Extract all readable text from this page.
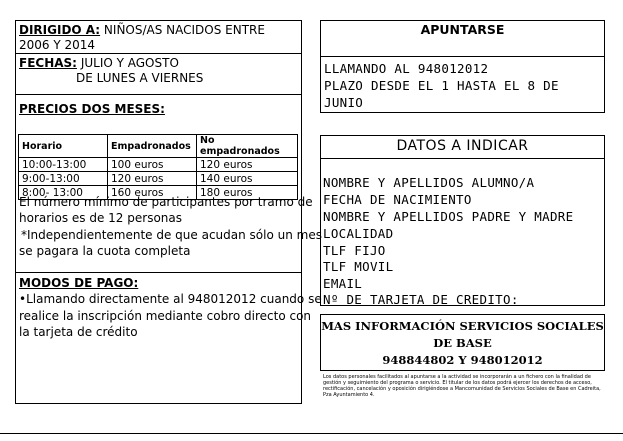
DIRIGIDO A: NIÑOS/AS NACIDOS ENTRE
2006 Y 2014
FECHAS: JULIO Y AGOSTO
DE LUNES A VIERNES
PRECIOS DOS MESES:
Horario	Empadronados	No empadronados
10:00-13:00	100 euros	120 euros
9:00-13:00	120 euros	140 euros
8:00- 13:00	160 euros	180 euros
El número mínimo de participantes por tramo de
horarios es de 12 personas
*Independientemente de que acudan sólo un mes
se pagara la cuota completa
MODOS DE PAGO:
•Llamando directamente al 948012012 cuando se
realice la inscripción mediante cobro directo con
la tarjeta de crédito
APUNTARSE
LLAMANDO AL 948012012
PLAZO DESDE EL 1 HASTA EL 8 DE
JUNIO
DATOS A INDICAR
NOMBRE Y APELLIDOS ALUMNO/A
FECHA DE NACIMIENTO
NOMBRE Y APELLIDOS PADRE Y MADRE
LOCALIDAD
TLF FIJO
TLF MOVIL
EMAIL
Nº DE TARJETA DE CREDITO:
MAS INFORMACIÓN SERVICIOS SOCIALES
DE BASE
948844802 Y 948012012
Los datos personales facilitados al apuntarse a la actividad se incorporarán a un fichero con la finalidad de gestión y seguimiento del programa o servicio. El titular de los datos podrá ejercer los derechos de acceso, rectificación, cancelación y oposición dirigiéndose a Mancomunidad de Servicios Sociales de Base en Cadreita, Pza Ayuntamiento 4.
